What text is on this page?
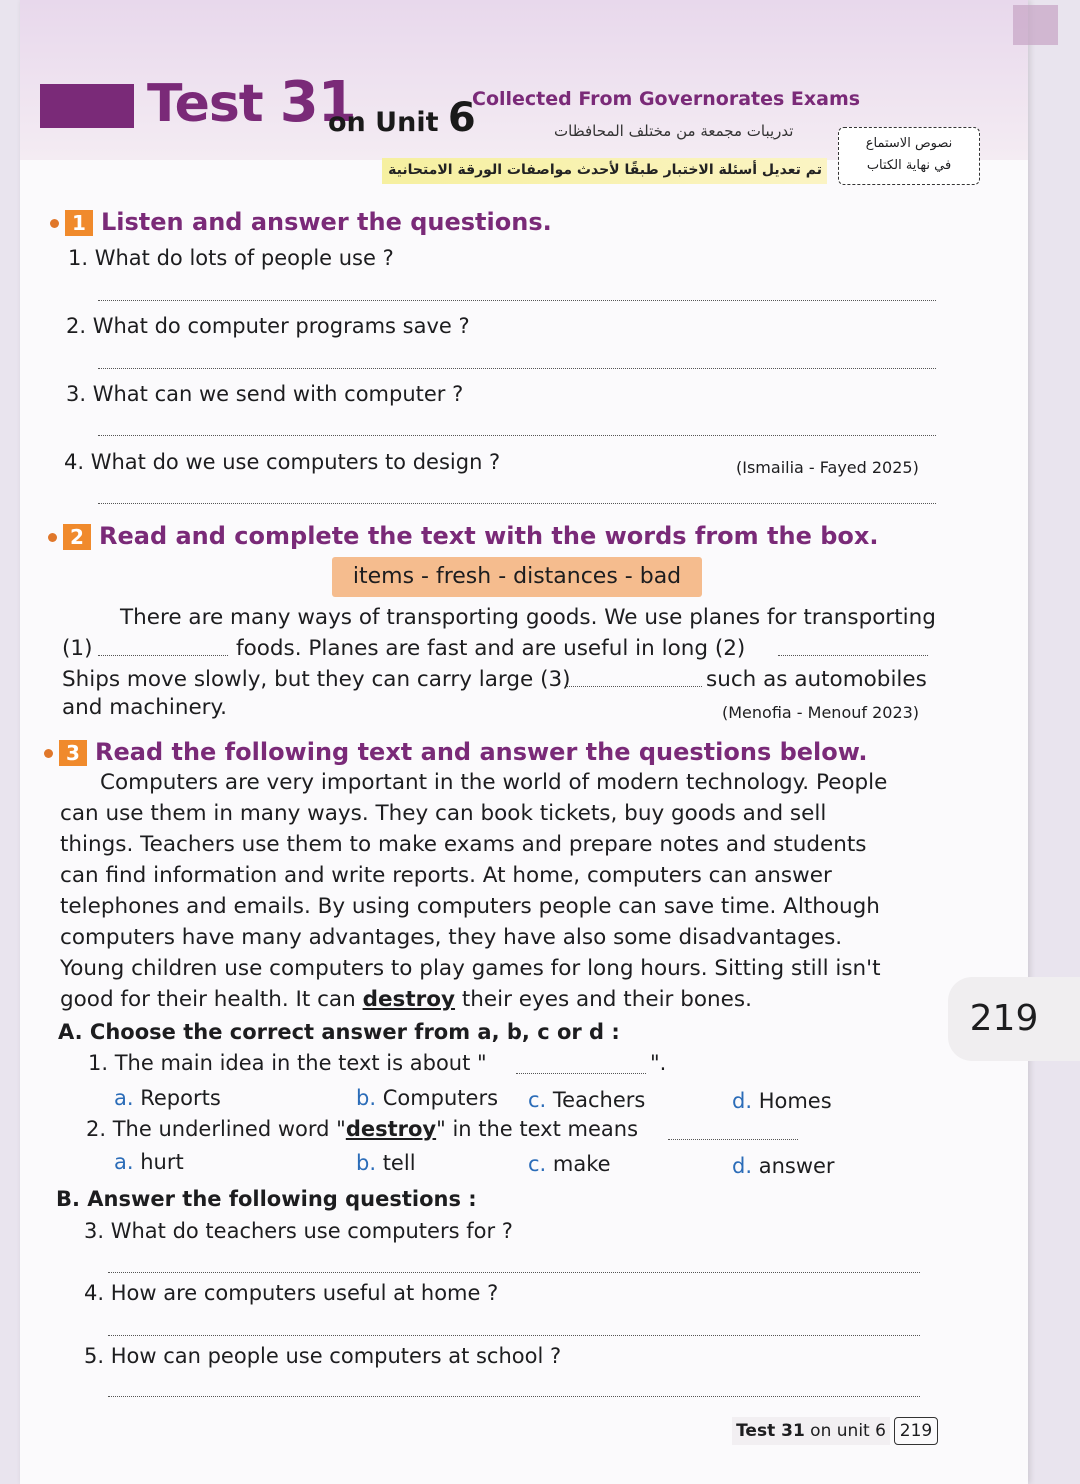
Test 31
on Unit 6
Collected From Governorates Exams
تدريبات مجمعة من مختلف المحافظات
تم تعديل أسئلة الاختبار طبقًا لأحدث مواصفات الورقة الامتحانية
نصوص الاستماع
في نهاية الكتاب
1 Listen and answer the questions.
1. What do lots of people use ?
2. What do computer programs save ?
3. What can we send with computer ?
4. What do we use computers to design ?	(Ismailia - Fayed 2025)
2 Read and complete the text with the words from the box.
items - fresh - distances - bad
There are many ways of transporting goods. We use planes for transporting
(1)	foods. Planes are fast and are useful in long (2)
Ships move slowly, but they can carry large (3)	such as automobiles
and machinery.	(Menofia - Menouf 2023)
3 Read the following text and answer the questions below.
Computers are very important in the world of modern technology. People
can use them in many ways. They can book tickets, buy goods and sell
things. Teachers use them to make exams and prepare notes and students
can find information and write reports. At home, computers can answer
telephones and emails. By using computers people can save time. Although
computers have many advantages, they have also some disadvantages.
Young children use computers to play games for long hours. Sitting still isn't
good for their health. It can destroy their eyes and their bones.
A. Choose the correct answer from a, b, c or d :
1. The main idea in the text is about "	".
a. Reports	b. Computers c. Teachers	d. Homes
2. The underlined word "destroy" in the text means
a. hurt	b. tell	c. make	d. answer
B. Answer the following questions :
3. What do teachers use computers for ?
4. How are computers useful at home ?
5. How can people use computers at school ?
Test 31 on unit 6 219
219
